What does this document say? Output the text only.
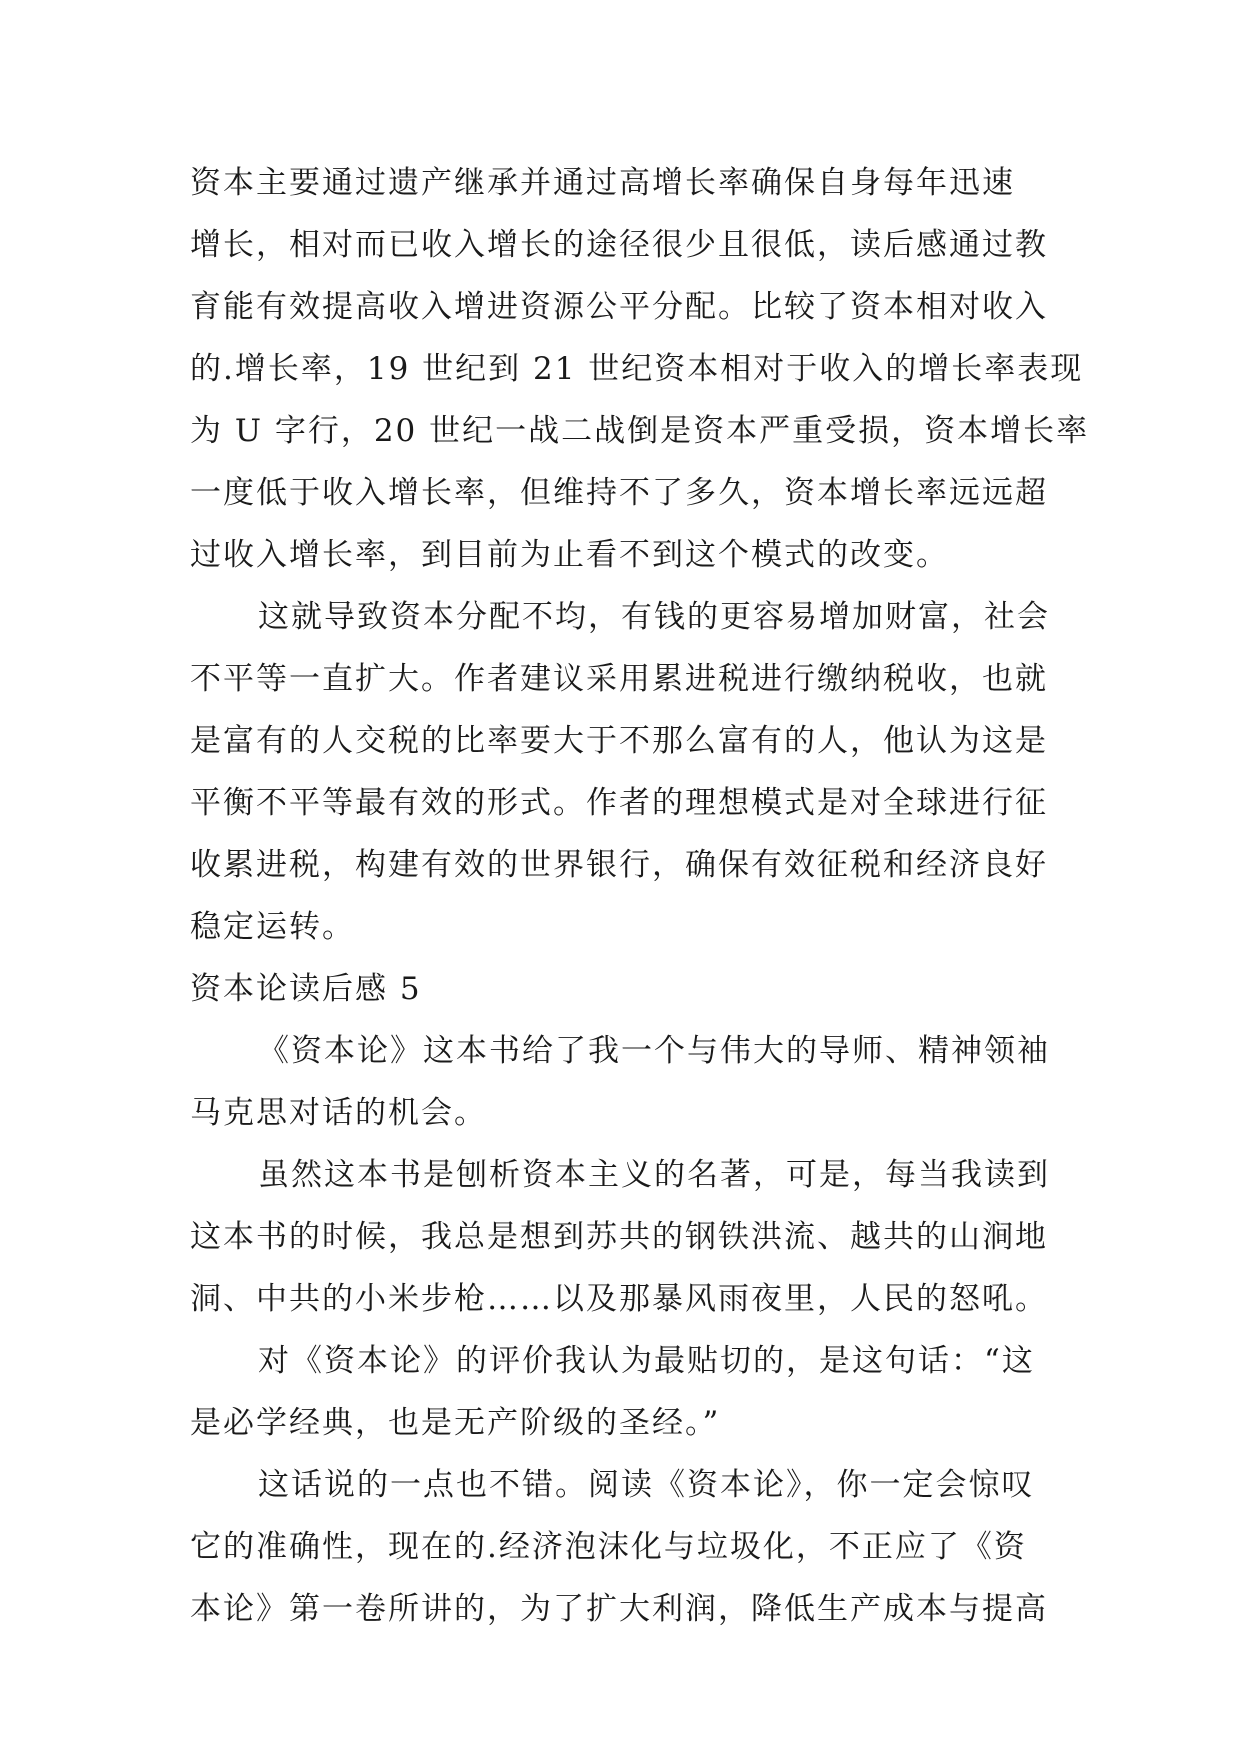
资本主要通过遗产继承并通过高增长率确保自身每年迅速
增长，相对而已收入增长的途径很少且很低，读后感通过教
育能有效提高收入增进资源公平分配。比较了资本相对收入
的.增长率，19 世纪到 21 世纪资本相对于收入的增长率表现
为 U 字行，20 世纪一战二战倒是资本严重受损，资本增长率
一度低于收入增长率，但维持不了多久，资本增长率远远超
过收入增长率，到目前为止看不到这个模式的改变。
这就导致资本分配不均，有钱的更容易增加财富，社会
不平等一直扩大。作者建议采用累进税进行缴纳税收，也就
是富有的人交税的比率要大于不那么富有的人，他认为这是
平衡不平等最有效的形式。作者的理想模式是对全球进行征
收累进税，构建有效的世界银行，确保有效征税和经济良好
稳定运转。
资本论读后感 5
《资本论》这本书给了我一个与伟大的导师、精神领袖
马克思对话的机会。
虽然这本书是刨析资本主义的名著，可是，每当我读到
这本书的时候，我总是想到苏共的钢铁洪流、越共的山涧地
洞、中共的小米步枪……以及那暴风雨夜里，人民的怒吼。
对《资本论》的评价我认为最贴切的，是这句话：“这
是必学经典，也是无产阶级的圣经。”
这话说的一点也不错。阅读《资本论》，你一定会惊叹
它的准确性，现在的.经济泡沫化与垃圾化，不正应了《资
本论》第一卷所讲的，为了扩大利润，降低生产成本与提高
